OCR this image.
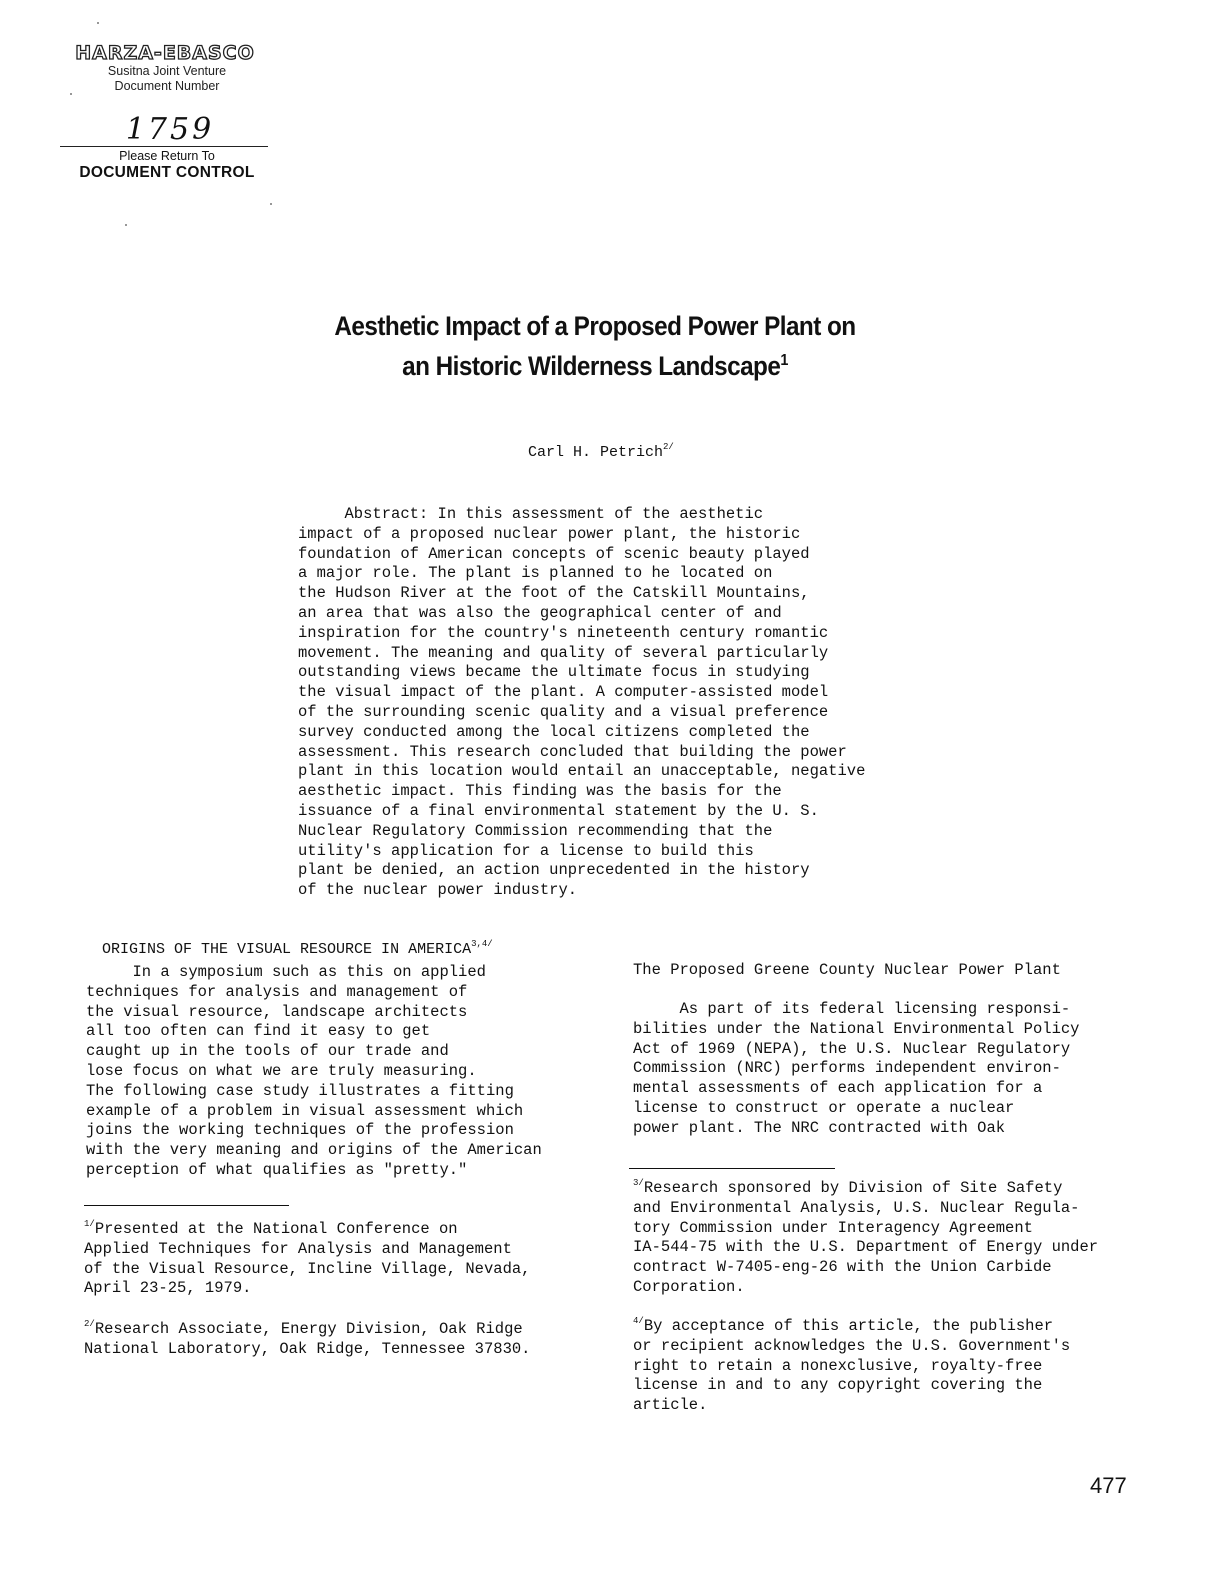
HARZA-EBASCO
Susitna Joint Venture
Document Number
1759
Please Return To
DOCUMENT CONTROL
Aesthetic Impact of a Proposed Power Plant on
an Historic Wilderness Landscape$^1$
Carl H. Petrich$^{2/}$
Abstract: In this assessment of the aesthetic
impact of a proposed nuclear power plant, the historic
foundation of American concepts of scenic beauty played
a major role. The plant is planned to he located on
the Hudson River at the foot of the Catskill Mountains,
an area that was also the geographical center of and
inspiration for the country's nineteenth century romantic
movement. The meaning and quality of several particularly
outstanding views became the ultimate focus in studying
the visual impact of the plant. A computer-assisted model
of the surrounding scenic quality and a visual preference
survey conducted among the local citizens completed the
assessment. This research concluded that building the power
plant in this location would entail an unacceptable, negative
aesthetic impact. This finding was the basis for the
issuance of a final environmental statement by the U. S.
Nuclear Regulatory Commission recommending that the
utility's application for a license to build this
plant be denied, an action unprecedented in the history
of the nuclear power industry.

ORIGINS OF THE VISUAL RESOURCE IN AMERICA$^{3,4/}$

In a symposium such as this on applied
techniques for analysis and management of
the visual resource, landscape architects
all too often can find it easy to get
caught up in the tools of our trade and
lose focus on what we are truly measuring.
The following case study illustrates a fitting
example of a problem in visual assessment which
joins the working techniques of the profession
with the very meaning and origins of the American
perception of what qualifies as "pretty."
$^{1/}$Presented at the National Conference on
Applied Techniques for Analysis and Management
of the Visual Resource, Incline Village, Nevada,
April 23-25, 1979.
$^{2/}$Research Associate, Energy Division, Oak Ridge
National Laboratory, Oak Ridge, Tennessee 37830.
The Proposed Greene County Nuclear Power Plant
As part of its federal licensing responsi-
bilities under the National Environmental Policy
Act of 1969 (NEPA), the U.S. Nuclear Regulatory
Commission (NRC) performs independent environ-
mental assessments of each application for a
license to construct or operate a nuclear
power plant. The NRC contracted with Oak
$^{3/}$Research sponsored by Division of Site Safety
and Environmental Analysis, U.S. Nuclear Regula-
tory Commission under Interagency Agreement
IA-544-75 with the U.S. Department of Energy under
contract W-7405-eng-26 with the Union Carbide
Corporation.
$^{4/}$By acceptance of this article, the publisher
or recipient acknowledges the U.S. Government's
right to retain a nonexclusive, royalty-free
license in and to any copyright covering the
article.
477
